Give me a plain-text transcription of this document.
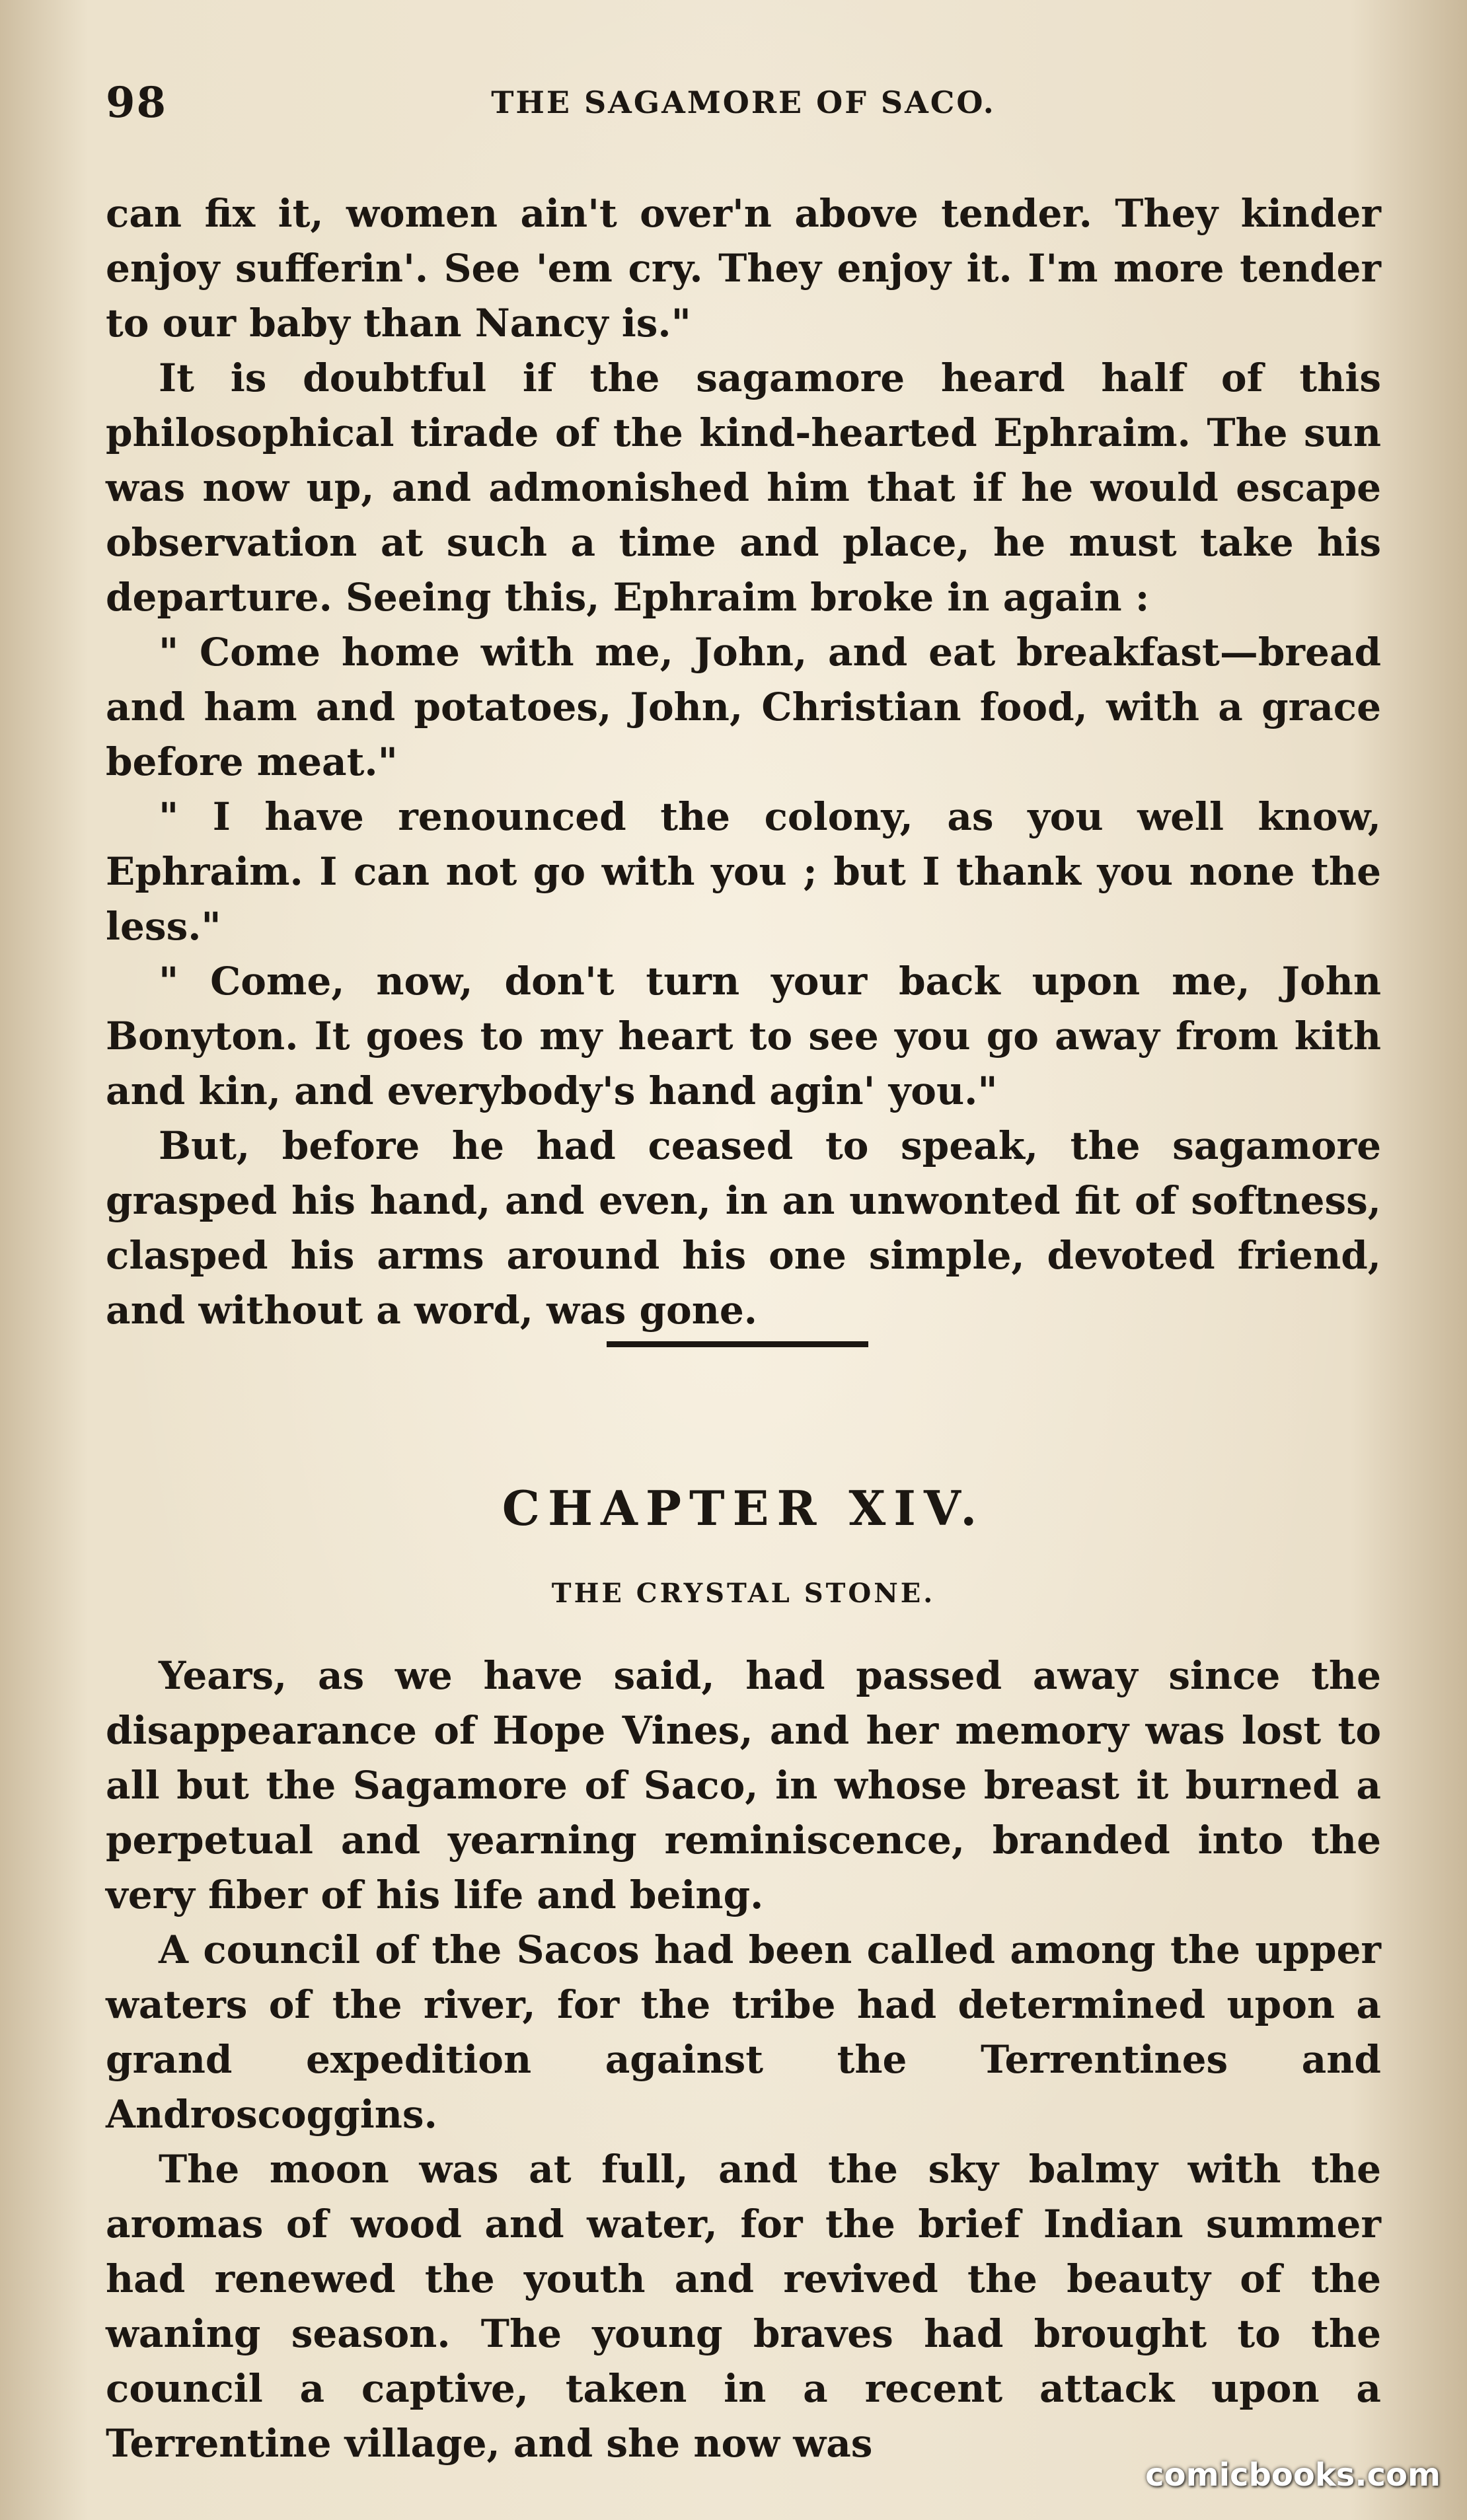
98	THE SAGAMORE OF SACO.

can fix it, women ain't over'n above tender. They kinder enjoy sufferin'. See 'em cry. They enjoy it. I'm more tender to our baby than Nancy is."

It is doubtful if the sagamore heard half of this philosophical tirade of the kind-hearted Ephraim. The sun was now up, and admonished him that if he would escape observation at such a time and place, he must take his departure. Seeing this, Ephraim broke in again :

" Come home with me, John, and eat breakfast—bread and ham and potatoes, John, Christian food, with a grace before meat."

" I have renounced the colony, as you well know, Ephraim. I can not go with you ; but I thank you none the less."

" Come, now, don't turn your back upon me, John Bonyton. It goes to my heart to see you go away from kith and kin, and everybody's hand agin' you."

But, before he had ceased to speak, the sagamore grasped his hand, and even, in an unwonted fit of softness, clasped his arms around his one simple, devoted friend, and without a word, was gone.

CHAPTER XIV.
THE CRYSTAL STONE.

Years, as we have said, had passed away since the disappearance of Hope Vines, and her memory was lost to all but the Sagamore of Saco, in whose breast it burned a perpetual and yearning reminiscence, branded into the very fiber of his life and being.

A council of the Sacos had been called among the upper waters of the river, for the tribe had determined upon a grand expedition against the Terrentines and Androscoggins.

The moon was at full, and the sky balmy with the aromas of wood and water, for the brief Indian summer had renewed the youth and revived the beauty of the waning season. The young braves had brought to the council a captive, taken in a recent attack upon a Terrentine village, and she now was

comicbooks.com
